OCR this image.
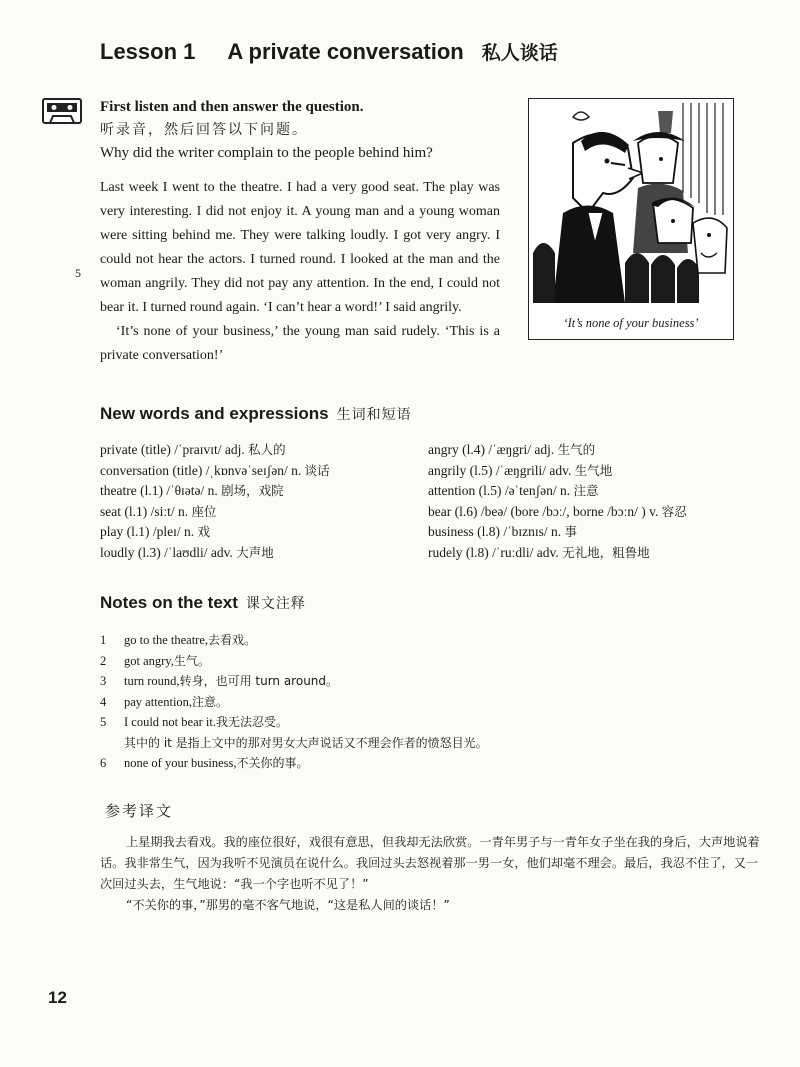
Lesson 1 A private conversation 私人谈话
First listen and then answer the question.
听录音，然后回答以下问题。
Why did the writer complain to the people behind him?

Last week I went to the theatre. I had a very good seat. The play was very interesting. I did not enjoy it. A young man and a young woman were sitting behind me. They were talking loudly. I got very angry. I could not hear the actors. I turned round. I looked at the man and the woman angrily. They did not pay any attention. In the end, I could not bear it. I turned round again. ‘I can’t hear a word!’ I said angrily.

‘It’s none of your business,’ the young man said rudely. ‘This is a private conversation!’

5
‘It’s none of your business’
New words and expressions 生词和短语
private (title) /ˈpraɪvɪt/ adj. 私人的
conversation (title) /ˌkɒnvəˈseɪʃən/ n. 谈话
theatre (l.1) /ˈθɪətə/ n. 剧场，戏院
seat (l.1) /siːt/ n. 座位
play (l.1) /pleɪ/ n. 戏
loudly (l.3) /ˈlaʊdli/ adv. 大声地
angry (l.4) /ˈæŋgri/ adj. 生气的
angrily (l.5) /ˈæŋgrili/ adv. 生气地
attention (l.5) /əˈtenʃən/ n. 注意
bear (l.6) /beə/ (bore /bɔː/, borne /bɔːn/ ) v. 容忍
business (l.8) /ˈbɪznɪs/ n. 事
rudely (l.8) /ˈruːdli/ adv. 无礼地，粗鲁地
Notes on the text 课文注释
1	go to the theatre, 去看戏。
2	got angry, 生气。
3	turn round, 转身，也可用 turn around。
4	pay attention, 注意。
5	I could not bear it. 我无法忍受。
其中的 it 是指上文中的那对男女大声说话又不理会作者的愤怒目光。
6	none of your business, 不关你的事。
参考译文

上星期我去看戏。我的座位很好，戏很有意思，但我却无法欣赏。一青年男子与一青年女子坐在我的身后，大声地说着话。我非常生气，因为我听不见演员在说什么。我回过头去怒视着那一男一女，他们却毫不理会。最后，我忍不住了，又一次回过头去，生气地说：“我一个字也听不见了！”

“不关你的事，”那男的毫不客气地说，“这是私人间的谈话！”

12
